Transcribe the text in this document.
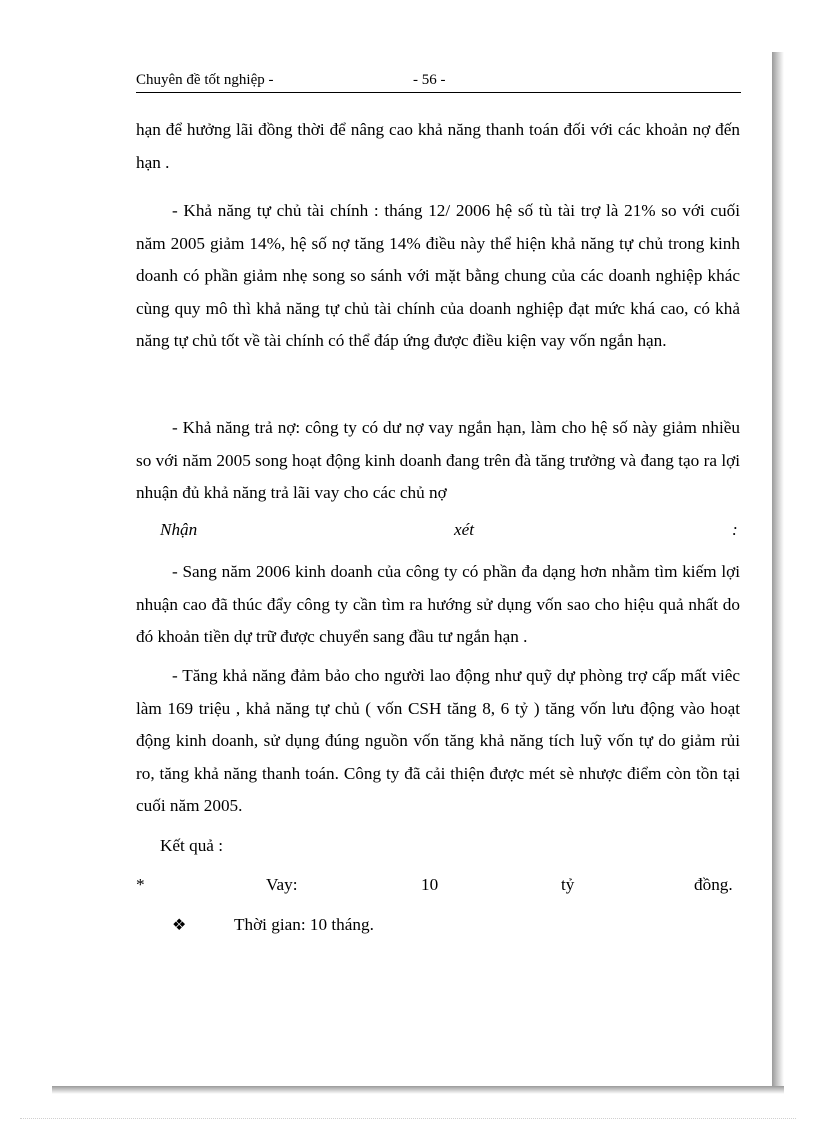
Chuyên đề tốt nghiệp -	- 56 -
hạn để hưởng lãi đồng thời để nâng cao khả năng thanh toán đối với các khoản nợ đến hạn .
- Khả năng tự chủ tài chính : tháng 12/ 2006 hệ số tù tài trợ là 21% so với cuối năm 2005 giảm 14%, hệ số nợ tăng 14% điều này thể hiện khả năng tự chủ trong kinh doanh có phần giảm nhẹ song so sánh với mặt bằng chung của các doanh nghiệp khác cùng quy mô thì khả năng tự chủ tài chính của doanh nghiệp đạt mức khá cao, có khả năng tự chủ tốt về tài chính có thể đáp ứng được điều kiện vay vốn ngắn hạn.
- Khả năng trả nợ: công ty có dư nợ vay ngắn hạn, làm cho hệ số này giảm nhiều so với năm 2005 song hoạt động kinh doanh đang trên đà tăng trưởng và đang tạo ra lợi nhuận đủ khả năng trả lãi vay cho các chủ nợ
Nhận	xét	:
- Sang năm 2006 kinh doanh của công ty có phần đa dạng hơn nhằm tìm kiếm lợi nhuận cao đã thúc đẩy công ty cần tìm ra hướng sử dụng vốn sao cho hiệu quả nhất do đó khoản tiền dự trữ được chuyển sang đầu tư ngắn hạn .
- Tăng khả năng đảm bảo cho người lao động như quỹ dự phòng trợ cấp mất viêc làm 169 triệu , khả năng tự chủ ( vốn CSH tăng 8, 6 tỷ ) tăng vốn lưu động vào hoạt động kinh doanh, sử dụng đúng nguồn vốn tăng khả năng tích luỹ vốn tự do giảm rủi ro, tăng khả năng thanh toán. Công ty đã cải thiện được mét sè nhược điểm còn tồn tại cuối năm 2005.
Kết quả :
*	Vay:	10	tỷ	đồng.
❖	Thời gian: 10 tháng.
